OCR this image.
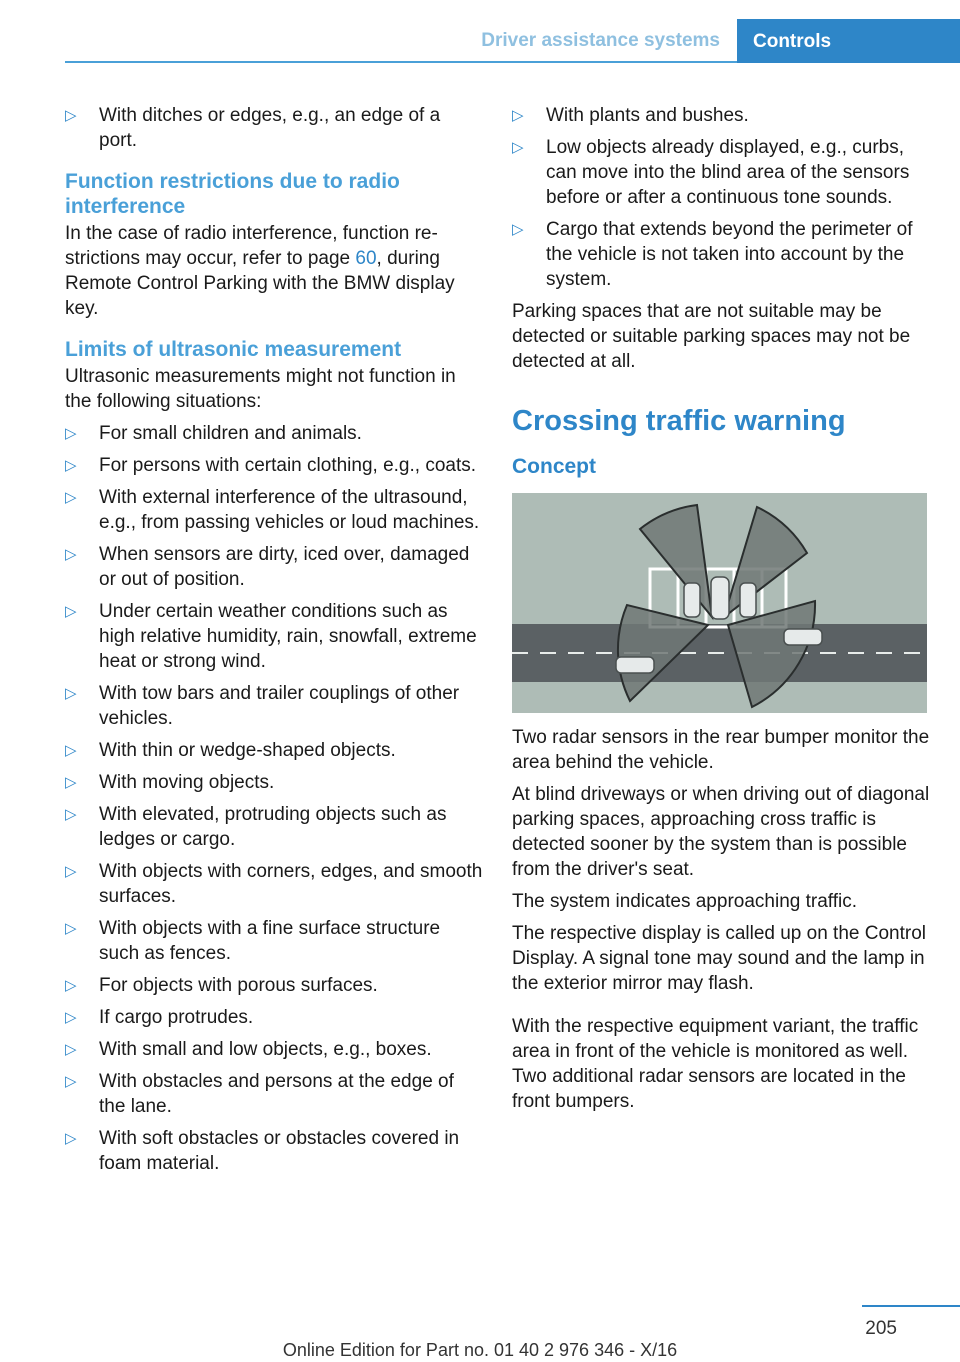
Driver assistance systems	Controls
▷ With ditches or edges, e.g., an edge of a port.
Function restrictions due to radio interference

In the case of radio interference, function restrictions may occur, refer to page 60, during Remote Control Parking with the BMW display key.

Limits of ultrasonic measurement

Ultrasonic measurements might not function in the following situations:

▷ For small children and animals.
▷ For persons with certain clothing, e.g., coats.
▷ With external interference of the ultrasound, e.g., from passing vehicles or loud machines.
▷ When sensors are dirty, iced over, damaged or out of position.
▷ Under certain weather conditions such as high relative humidity, rain, snowfall, extreme heat or strong wind.
▷ With tow bars and trailer couplings of other vehicles.
▷ With thin or wedge-shaped objects.
▷ With moving objects.
▷ With elevated, protruding objects such as ledges or cargo.
▷ With objects with corners, edges, and smooth surfaces.
▷ With objects with a fine surface structure such as fences.
▷ For objects with porous surfaces.
▷ If cargo protrudes.
▷ With small and low objects, e.g., boxes.
▷ With obstacles and persons at the edge of the lane.
▷ With soft obstacles or obstacles covered in foam material.
▷ With plants and bushes.
▷ Low objects already displayed, e.g., curbs, can move into the blind area of the sensors before or after a continuous tone sounds.
▷ Cargo that extends beyond the perimeter of the vehicle is not taken into account by the system.

Parking spaces that are not suitable may be detected or suitable parking spaces may not be detected at all.

Crossing traffic warning
Concept

Two radar sensors in the rear bumper monitor the area behind the vehicle.

At blind driveways or when driving out of diagonal parking spaces, approaching cross traffic is detected sooner by the system than is possible from the driver's seat.

The system indicates approaching traffic.

The respective display is called up on the Control Display. A signal tone may sound and the lamp in the exterior mirror may flash.

With the respective equipment variant, the traffic area in front of the vehicle is monitored as well. Two additional radar sensors are located in the front bumpers.

205
Online Edition for Part no. 01 40 2 976 346 - X/16
